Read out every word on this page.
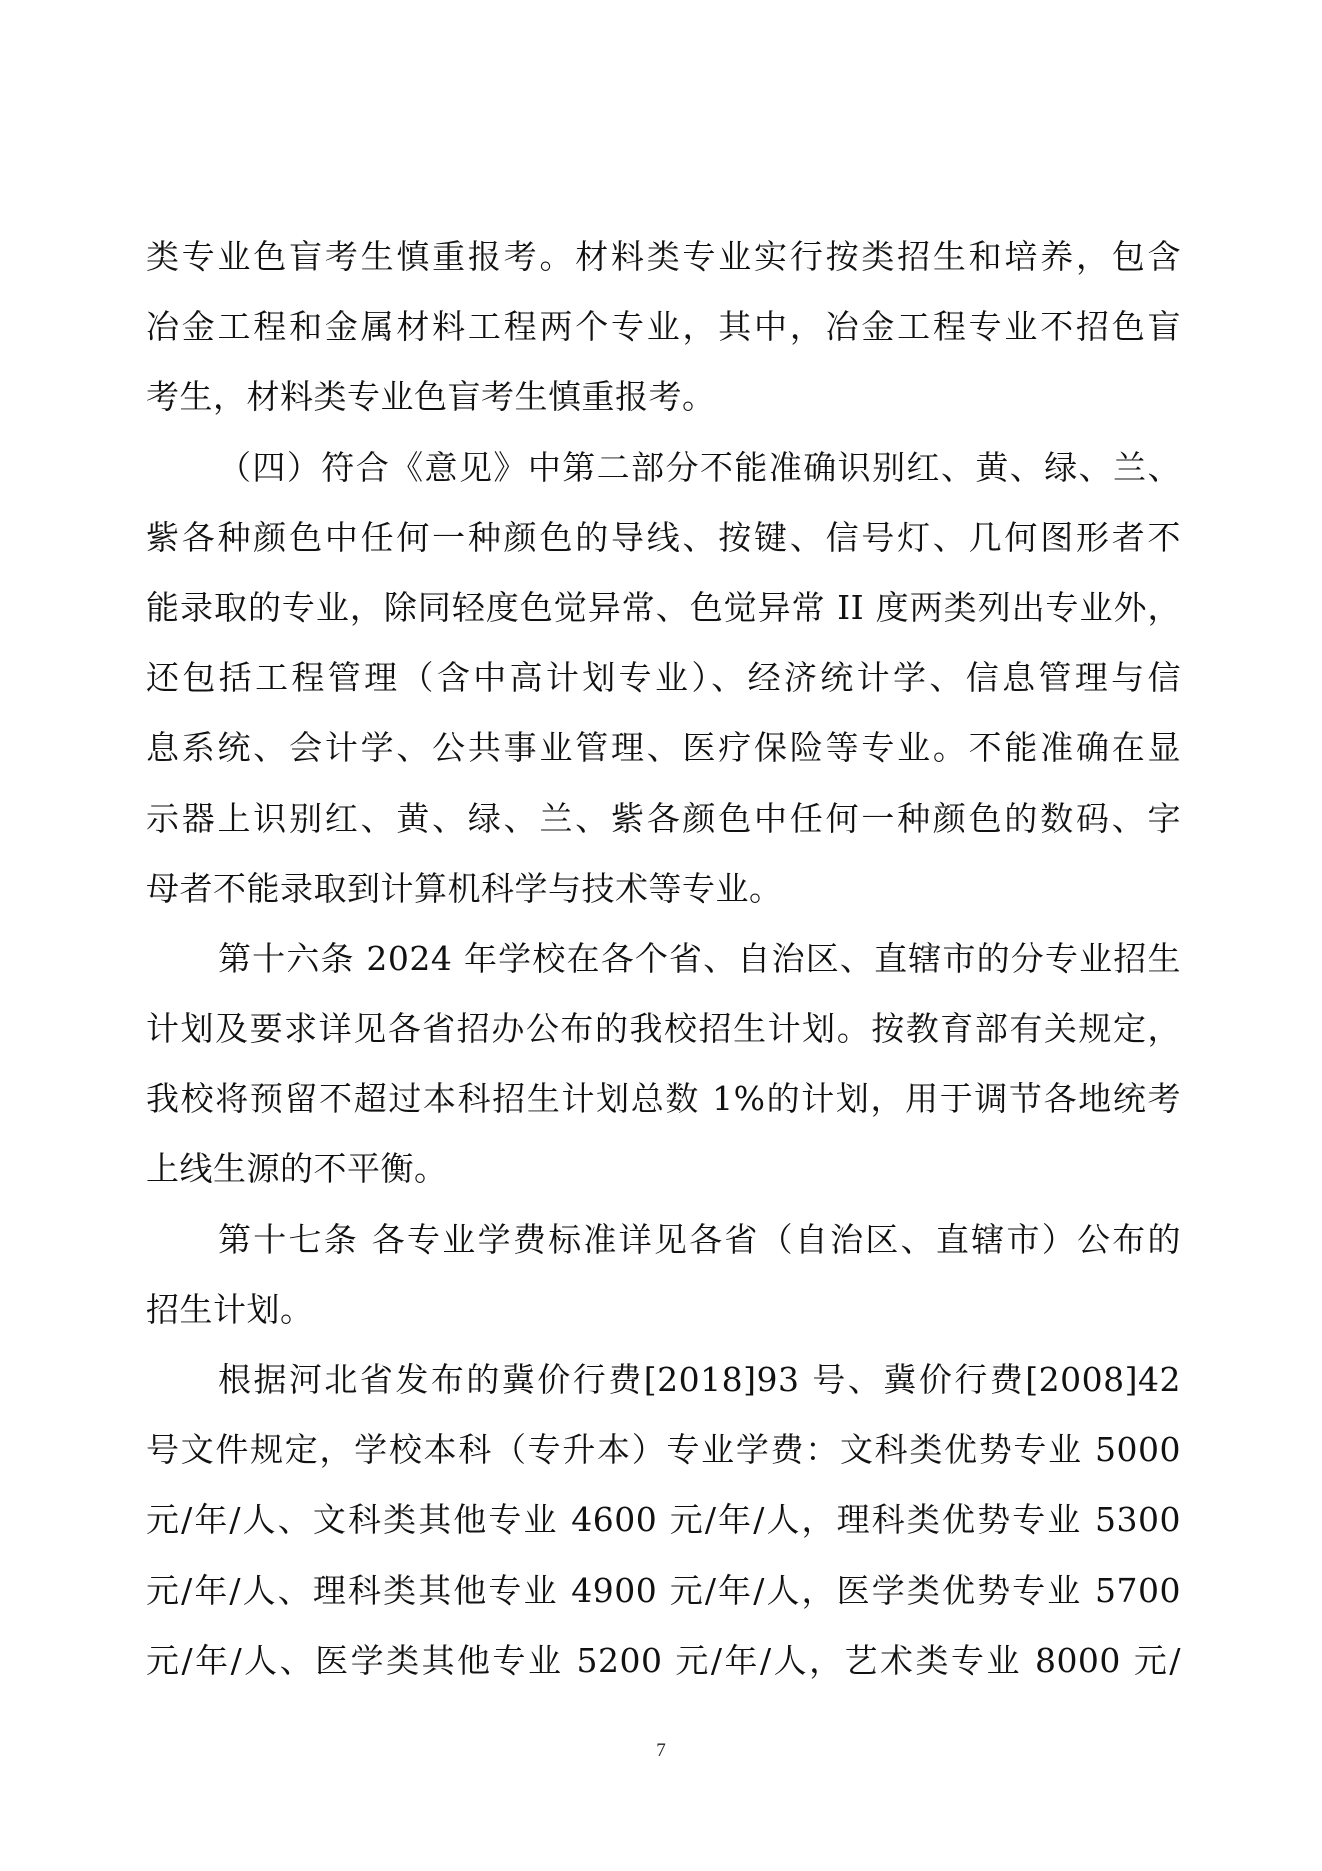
类专业色盲考生慎重报考。材料类专业实行按类招生和培养，包含
冶金工程和金属材料工程两个专业，其中，冶金工程专业不招色盲
考生，材料类专业色盲考生慎重报考。
（四）符合《意见》中第二部分不能准确识别红、黄、绿、兰、
紫各种颜色中任何一种颜色的导线、按键、信号灯、几何图形者不
能录取的专业，除同轻度色觉异常、色觉异常 II 度两类列出专业外，
还包括工程管理（含中高计划专业）、经济统计学、信息管理与信
息系统、会计学、公共事业管理、医疗保险等专业。不能准确在显
示器上识别红、黄、绿、兰、紫各颜色中任何一种颜色的数码、字
母者不能录取到计算机科学与技术等专业。
第十六条 2024 年学校在各个省、自治区、直辖市的分专业招生
计划及要求详见各省招办公布的我校招生计划。按教育部有关规定，
我校将预留不超过本科招生计划总数 1%的计划，用于调节各地统考
上线生源的不平衡。
第十七条 各专业学费标准详见各省（自治区、直辖市）公布的
招生计划。
根据河北省发布的冀价行费[2018]93 号、冀价行费[2008]42
号文件规定，学校本科（专升本）专业学费：文科类优势专业 5000
元/年/人、文科类其他专业 4600 元/年/人，理科类优势专业 5300
元/年/人、理科类其他专业 4900 元/年/人，医学类优势专业 5700
元/年/人、医学类其他专业 5200 元/年/人，艺术类专业 8000 元/
7
